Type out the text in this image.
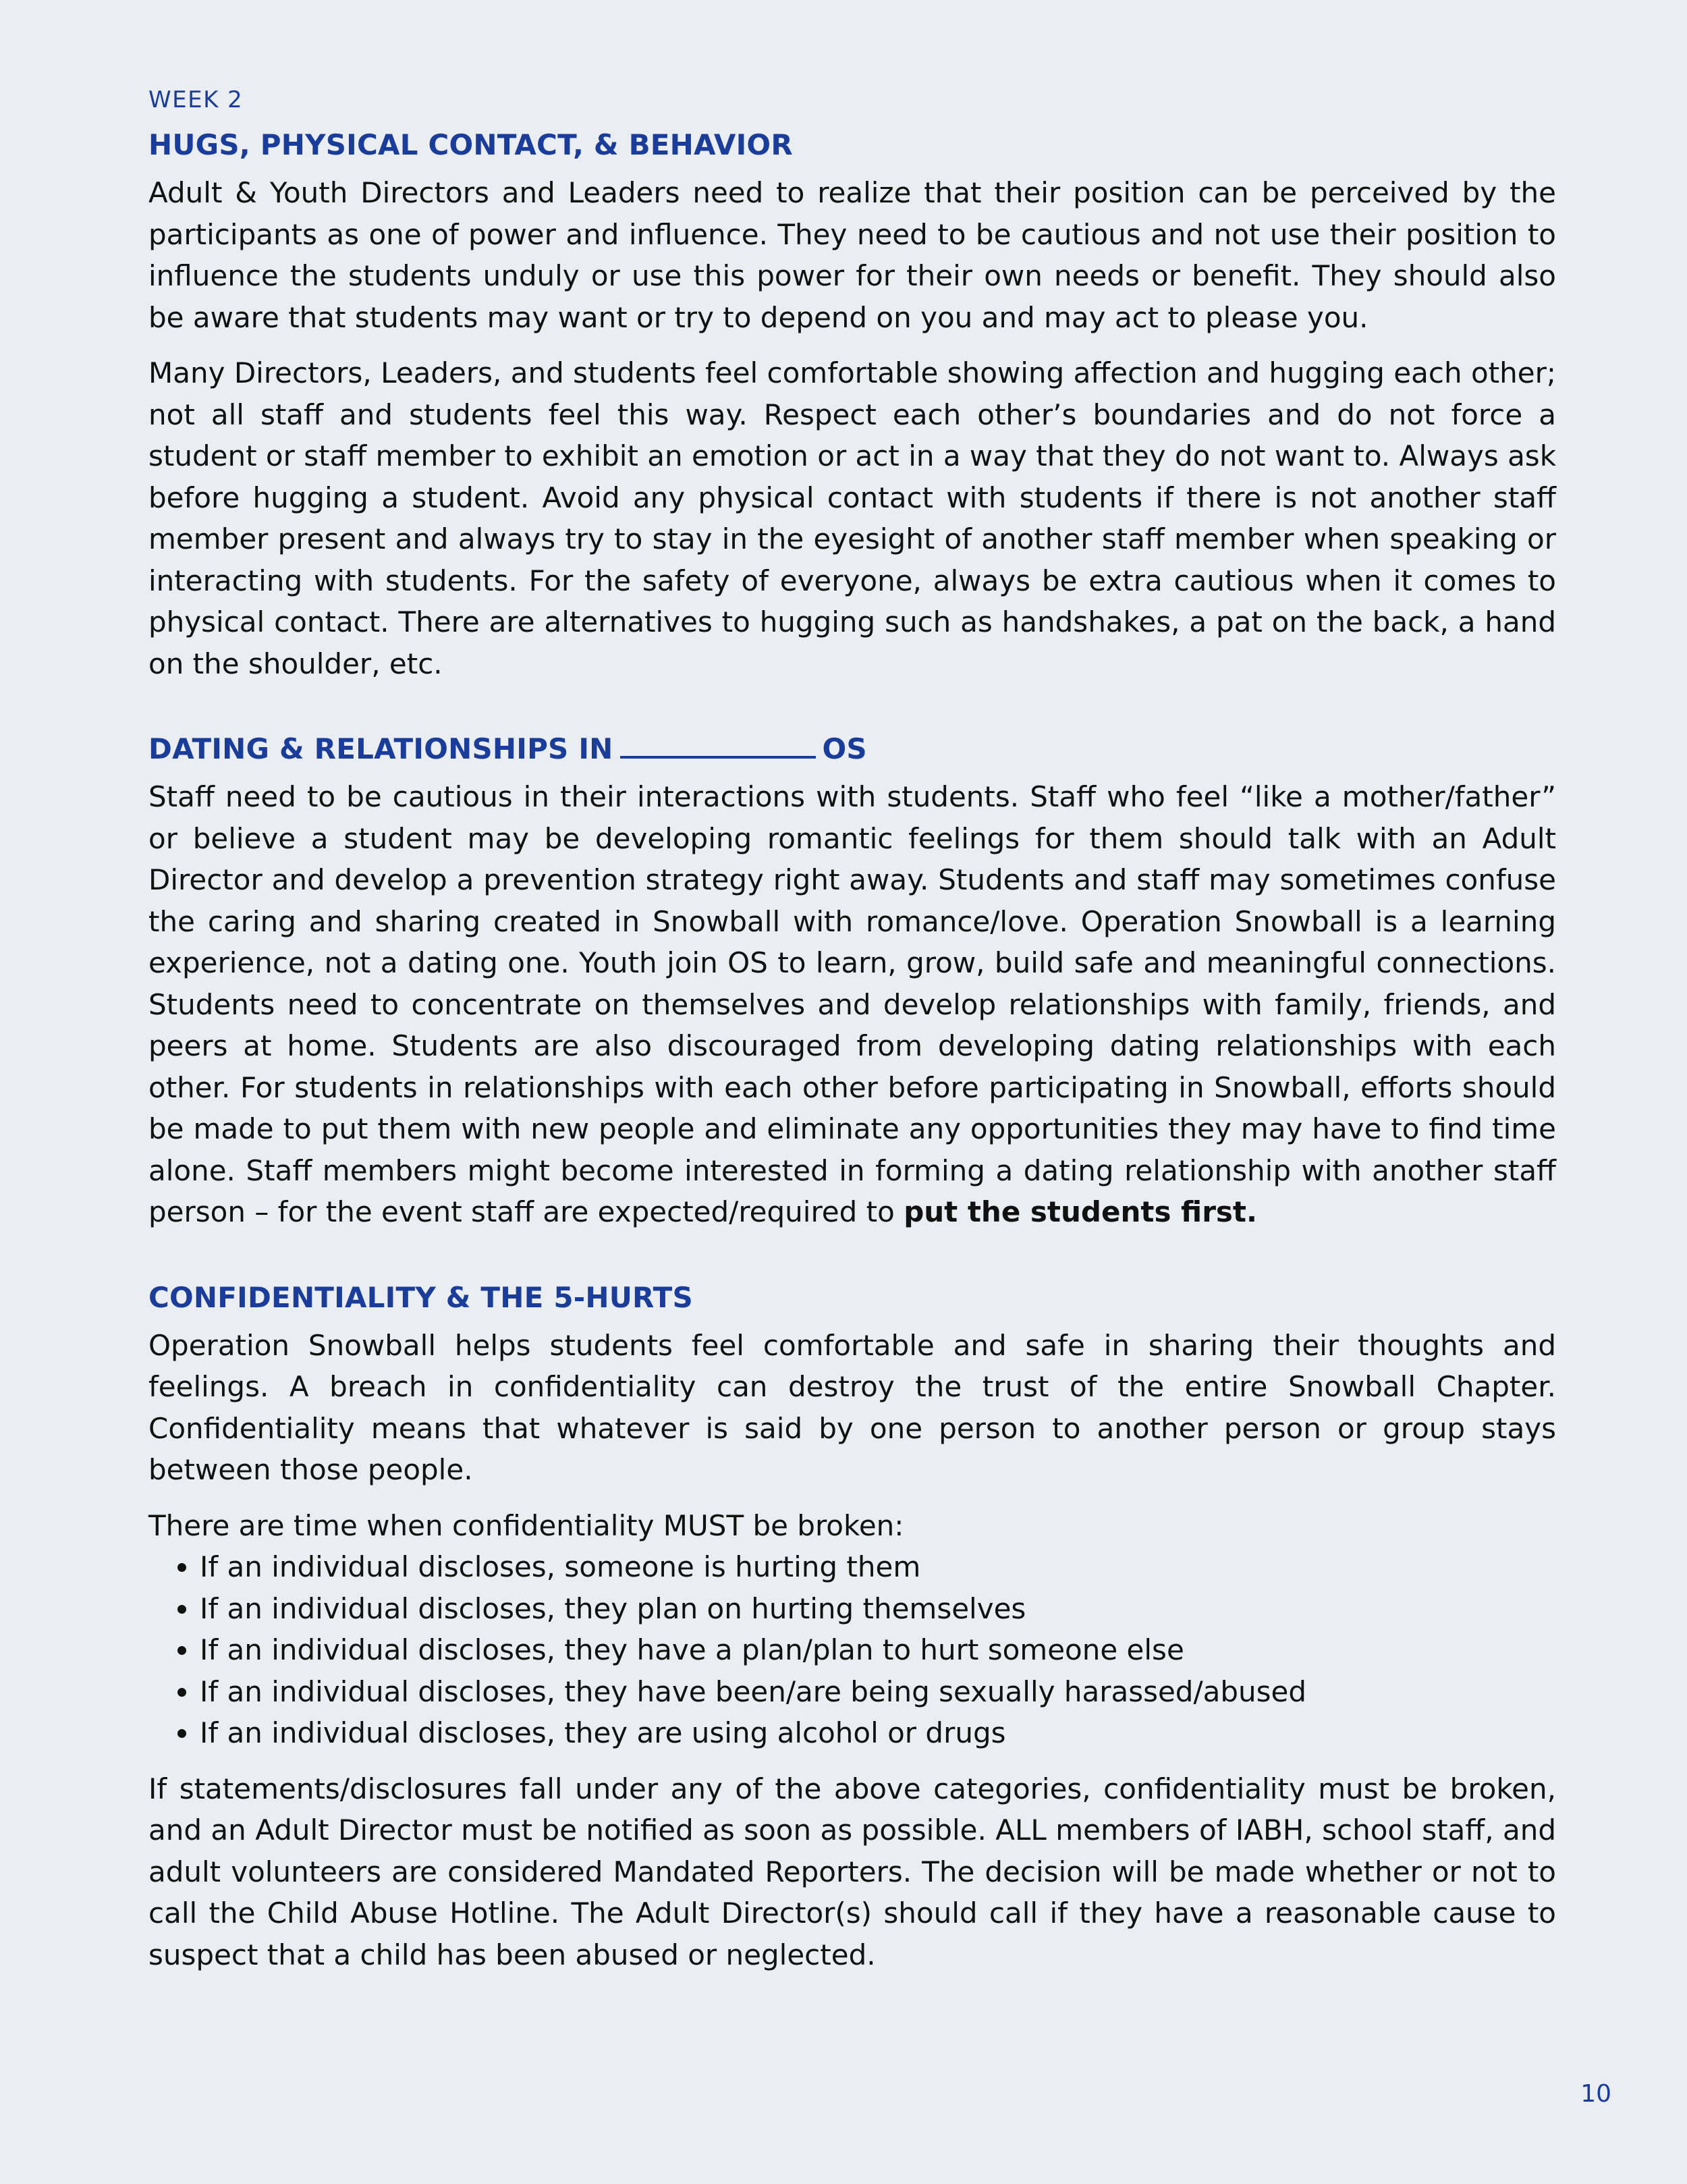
WEEK 2
HUGS, PHYSICAL CONTACT, & BEHAVIOR

Adult & Youth Directors and Leaders need to realize that their position can be perceived by the participants as one of power and influence. They need to be cautious and not use their position to influence the students unduly or use this power for their own needs or benefit. They should also be aware that students may want or try to depend on you and may act to please you.

Many Directors, Leaders, and students feel comfortable showing affection and hugging each other; not all staff and students feel this way. Respect each other’s boundaries and do not force a student or staff member to exhibit an emotion or act in a way that they do not want to. Always ask before hugging a student. Avoid any physical contact with students if there is not another staff member present and always try to stay in the eyesight of another staff member when speaking or interacting with students. For the safety of everyone, always be extra cautious when it comes to physical contact. There are alternatives to hugging such as handshakes, a pat on the back, a hand on the shoulder, etc.

DATING & RELATIONSHIPS IN	OS

Staff need to be cautious in their interactions with students. Staff who feel “like a mother/father” or believe a student may be developing romantic feelings for them should talk with an Adult Director and develop a prevention strategy right away. Students and staff may sometimes confuse the caring and sharing created in Snowball with romance/love. Operation Snowball is a learning experience, not a dating one. Youth join OS to learn, grow, build safe and meaningful connections. Students need to concentrate on themselves and develop relationships with family, friends, and peers at home. Students are also discouraged from developing dating relationships with each other. For students in relationships with each other before participating in Snowball, efforts should be made to put them with new people and eliminate any opportunities they may have to find time alone. Staff members might become interested in forming a dating relationship with another staff person – for the event staff are expected/required to put the students first.

CONFIDENTIALITY & THE 5-HURTS

Operation Snowball helps students feel comfortable and safe in sharing their thoughts and feelings. A breach in confidentiality can destroy the trust of the entire Snowball Chapter. Confidentiality means that whatever is said by one person to another person or group stays between those people.

There are time when confidentiality MUST be broken:

• If an individual discloses, someone is hurting them
• If an individual discloses, they plan on hurting themselves
• If an individual discloses, they have a plan/plan to hurt someone else
• If an individual discloses, they have been/are being sexually harassed/abused
• If an individual discloses, they are using alcohol or drugs

If statements/disclosures fall under any of the above categories, confidentiality must be broken, and an Adult Director must be notified as soon as possible. ALL members of IABH, school staff, and adult volunteers are considered Mandated Reporters. The decision will be made whether or not to call the Child Abuse Hotline. The Adult Director(s) should call if they have a reasonable cause to suspect that a child has been abused or neglected.

10
